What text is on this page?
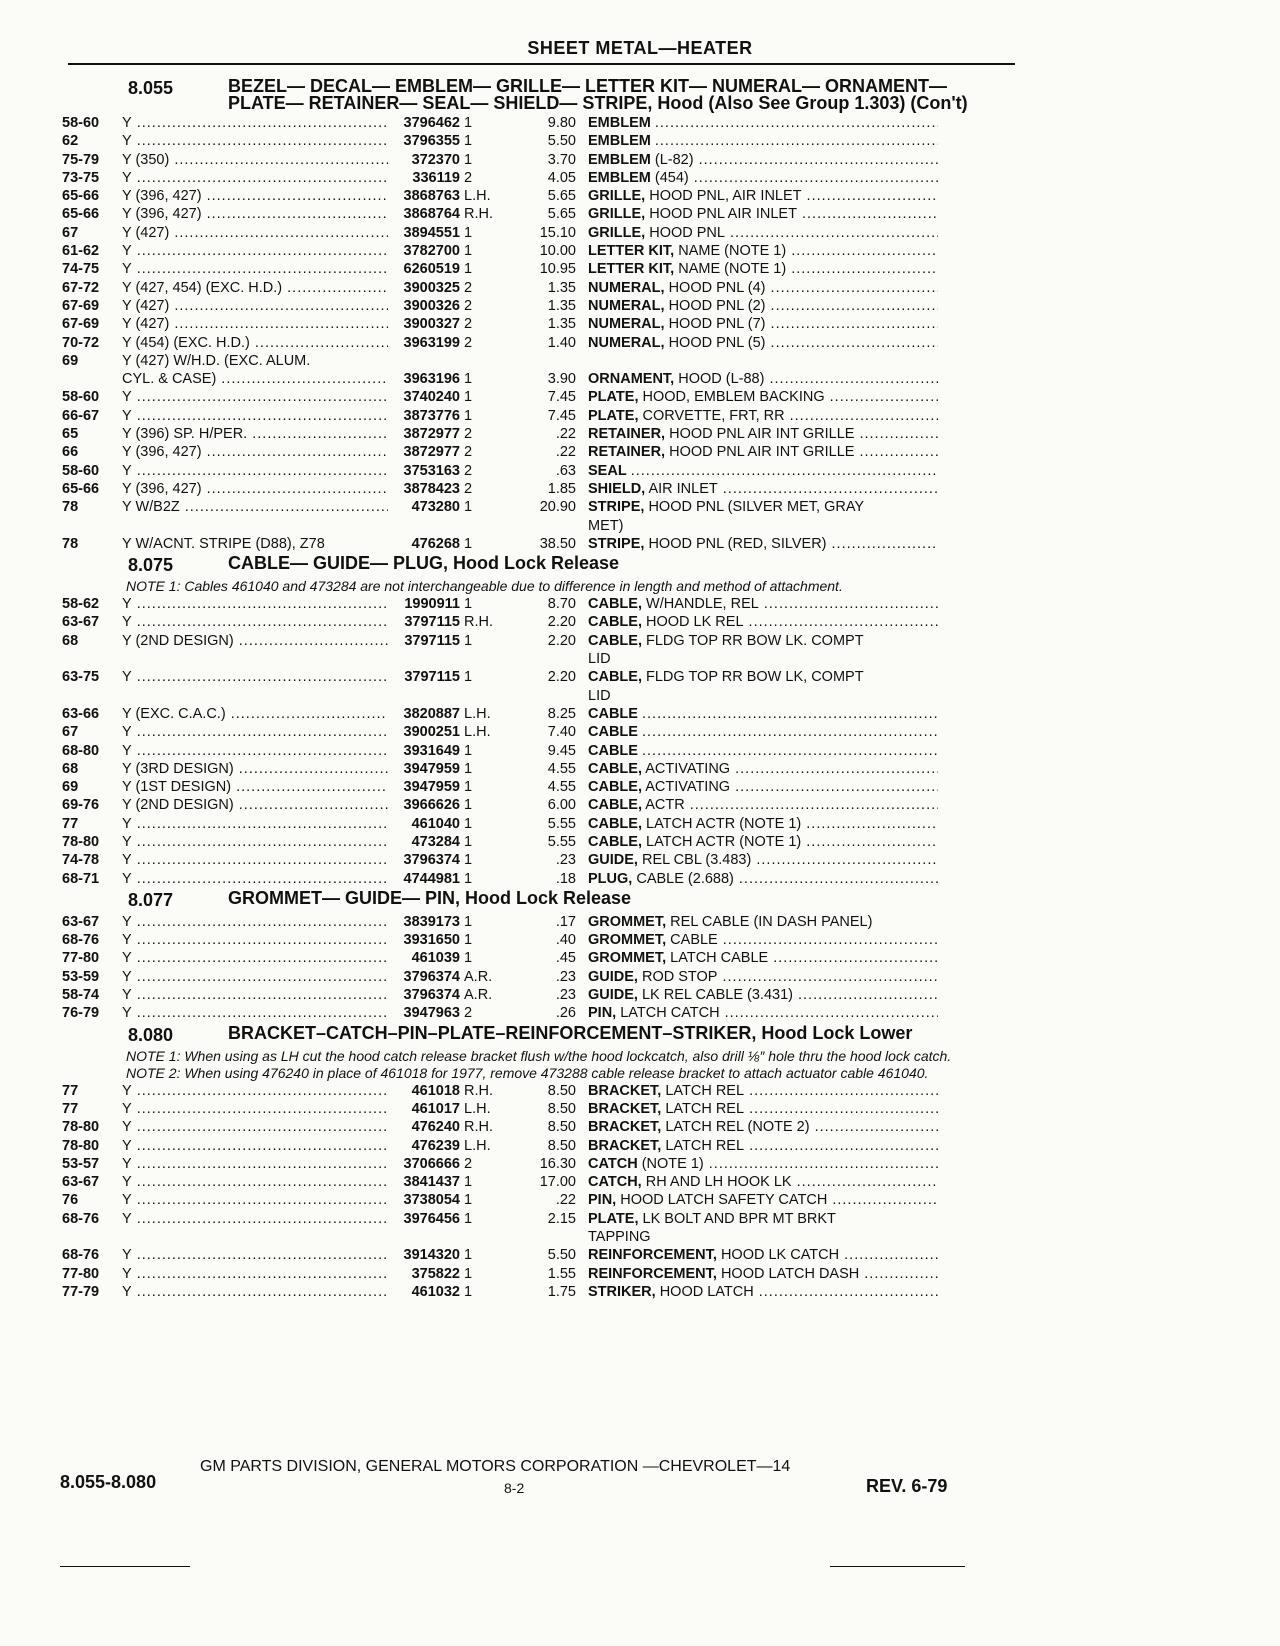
SHEET METAL—HEATER
8.055	BEZEL— DECAL— EMBLEM— GRILLE— LETTER KIT— NUMERAL— ORNAMENT— PLATE— RETAINER— SEAL— SHIELD— STRIPE, Hood (Also See Group 1.303) (Con't)
58-60	Y .....	3796462 1	9.80 EMBLEM .....
62	Y .....	3796355 1	5.50 EMBLEM .....
75-79	Y (350) .....	372370 1	3.70 EMBLEM (L-82) .....
73-75	Y .....	336119 2	4.05 EMBLEM (454) .....
65-66	Y (396, 427) .....	3868763 L.H.	5.65 GRILLE, HOOD PNL, AIR INLET .....
65-66	Y (396, 427) .....	3868764 R.H.	5.65 GRILLE, HOOD PNL AIR INLET .....
67	Y (427) .....	3894551 1	15.10 GRILLE, HOOD PNL .....
61-62	Y .....	3782700 1	10.00 LETTER KIT, NAME (NOTE 1) .....
74-75	Y .....	6260519 1	10.95 LETTER KIT, NAME (NOTE 1) .....
67-72	Y (427, 454) (EXC. H.D.) .....	3900325 2	1.35 NUMERAL, HOOD PNL (4) .....
67-69	Y (427) .....	3900326 2	1.35 NUMERAL, HOOD PNL (2) .....
67-69	Y (427) .....	3900327 2	1.35 NUMERAL, HOOD PNL (7) .....
70-72	Y (454) (EXC. H.D.) .....	3963199 2	1.40 NUMERAL, HOOD PNL (5) .....
69	Y (427) W/H.D. (EXC. ALUM.
CYL. & CASE) .....	3963196 1	3.90 ORNAMENT, HOOD (L-88) .....
58-60	Y .....	3740240 1	7.45 PLATE, HOOD, EMBLEM BACKING .....
66-67	Y .....	3873776 1	7.45 PLATE, CORVETTE, FRT, RR .....
65	Y (396) SP. H/PER. .....	3872977 2	.22 RETAINER, HOOD PNL AIR INT GRILLE .....
66	Y (396, 427) .....	3872977 2	.22 RETAINER, HOOD PNL AIR INT GRILLE .....
58-60	Y .....	3753163 2	.63 SEAL .....
65-66	Y (396, 427) .....	3878423 2	1.85 SHIELD, AIR INLET .....
78	Y W/B2Z .....	473280 1	20.90 STRIPE, HOOD PNL (SILVER MET, GRAY
MET)
78	Y W/ACNT. STRIPE (D88), Z78	476268 1	38.50 STRIPE, HOOD PNL (RED, SILVER) .....
8.075	CABLE— GUIDE— PLUG, Hood Lock Release
NOTE 1: Cables 461040 and 473284 are not interchangeable due to difference in length and method of attachment.
58-62	Y .....	1990911 1	8.70 CABLE, W/HANDLE, REL .....
63-67	Y .....	3797115 R.H.	2.20 CABLE, HOOD LK REL .....
68	Y (2ND DESIGN) .....	3797115 1	2.20 CABLE, FLDG TOP RR BOW LK. COMPT
LID
63-75	Y .....	3797115 1	2.20 CABLE, FLDG TOP RR BOW LK, COMPT
LID
63-66	Y (EXC. C.A.C.) .....	3820887 L.H.	8.25 CABLE .....
67	Y .....	3900251 L.H.	7.40 CABLE .....
68-80	Y .....	3931649 1	9.45 CABLE .....
68	Y (3RD DESIGN) .....	3947959 1	4.55 CABLE, ACTIVATING .....
69	Y (1ST DESIGN) .....	3947959 1	4.55 CABLE, ACTIVATING .....
69-76	Y (2ND DESIGN) .....	3966626 1	6.00 CABLE, ACTR .....
77	Y .....	461040 1	5.55 CABLE, LATCH ACTR (NOTE 1) .....
78-80	Y .....	473284 1	5.55 CABLE, LATCH ACTR (NOTE 1) .....
74-78	Y .....	3796374 1	.23 GUIDE, REL CBL (3.483) .....
68-71	Y .....	4744981 1	.18 PLUG, CABLE (2.688) .....
8.077	GROMMET— GUIDE— PIN, Hood Lock Release
63-67	Y .....	3839173 1	.17 GROMMET, REL CABLE (IN DASH PANEL)
68-76	Y .....	3931650 1	.40 GROMMET, CABLE .....
77-80	Y .....	461039 1	.45 GROMMET, LATCH CABLE .....
53-59	Y .....	3796374 A.R.	.23 GUIDE, ROD STOP .....
58-74	Y .....	3796374 A.R.	.23 GUIDE, LK REL CABLE (3.431) .....
76-79	Y .....	3947963 2	.26 PIN, LATCH CATCH .....
8.080	BRACKET–CATCH–PIN–PLATE–REINFORCEMENT–STRIKER, Hood Lock Lower
NOTE 1: When using as LH cut the hood catch release bracket flush w/the hood lockcatch, also drill ⅛″ hole thru the hood lock catch.
NOTE 2: When using 476240 in place of 461018 for 1977, remove 473288 cable release bracket to attach actuator cable 461040.
77	Y .....	461018 R.H.	8.50 BRACKET, LATCH REL .....
77	Y .....	461017 L.H.	8.50 BRACKET, LATCH REL .....
78-80	Y .....	476240 R.H.	8.50 BRACKET, LATCH REL (NOTE 2) .....
78-80	Y .....	476239 L.H.	8.50 BRACKET, LATCH REL .....
53-57	Y .....	3706666 2	16.30 CATCH (NOTE 1) .....
63-67	Y .....	3841437 1	17.00 CATCH, RH AND LH HOOK LK .....
76	Y .....	3738054 1	.22 PIN, HOOD LATCH SAFETY CATCH .....
68-76	Y .....	3976456 1	2.15 PLATE, LK BOLT AND BPR MT BRKT
TAPPING
68-76	Y .....	3914320 1	5.50 REINFORCEMENT, HOOD LK CATCH .....
77-80	Y .....	375822 1	1.55 REINFORCEMENT, HOOD LATCH DASH .....
77-79	Y .....	461032 1	1.75 STRIKER, HOOD LATCH .....
GM PARTS DIVISION, GENERAL MOTORS CORPORATION —CHEVROLET—14
8.055-8.080	8-2	REV. 6-79
